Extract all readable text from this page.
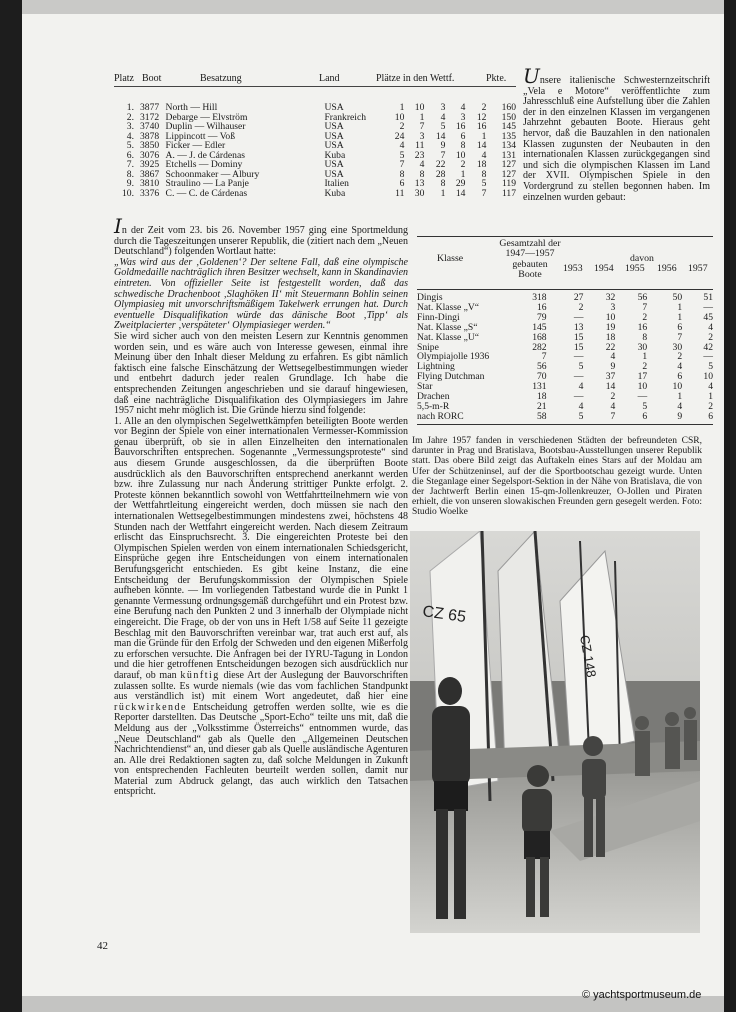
Platz Boot	Besatzung	Land	Plätze in den Wettf.	Pkte.
1.	3877	North — Hill	USA	1	10	3	4	2	160
2.	3172	Debarge — Elvström	Frankreich	10	1	4	3	12	150
3.	3740	Duplin — Wilhauser	USA	2	7	5	16	16	145
4.	3878	Lippincott — Voß	USA	24	3	14	6	1	135
5.	3850	Ficker — Edler	USA	4	11	9	8	14	134
6.	3076	A. — J. de Cárdenas	Kuba	5	23	7	10	4	131
7.	3925	Etchells — Dominy	USA	7	4	22	2	18	127
8.	3867	Schoonmaker — Albury	USA	8	8	28	1	8	127
9.	3810	Straulino — La Panje	Italien	6	13	8	29	5	119
10.	3376	C. — C. de Cárdenas	Kuba	11	30	1	14	7	117
Unsere italienische Schwesternzeitschrift „Vela e Motore“ veröffentlichte zum Jahresschluß eine Aufstellung über die Zahlen der in den einzelnen Klassen im vergangenen Jahrzehnt gebauten Boote. Hieraus geht hervor, daß die Bauzahlen in den nationalen Klassen zugunsten der Neubauten in den internationalen Klassen zurückgegangen sind und sich die olympischen Klassen im Land der XVII. Olympischen Spiele in den Vordergrund zu stellen begonnen haben. Im einzelnen wurden gebaut:
Klasse
Gesamtzahl der
1947—1957
gebauten
Boote
davon
1953 1954 1955 1956 1957
Dingis	318	27	32	56	50	51
Nat. Klasse „V“	16	2	3	7	1	—
Finn-Dingi	79	—	10	2	1	45
Nat. Klasse „S“	145	13	19	16	6	4
Nat. Klasse „U“	168	15	18	8	7	2
Snipe	282	15	22	30	30	42
Olympiajolle 1936	7	—	4	1	2	—
Lightning	56	5	9	2	4	5
Flying Dutchman	70	—	37	17	6	10
Star	131	4	14	10	10	4
Drachen	18	—	2	—	1	1
5,5-m-R	21	4	4	5	4	2
nach RORC	58	5	7	6	9	6
Im Jahre 1957 fanden in verschiedenen Städten der befreundeten CSR, darunter in Prag und Bratislava, Bootsbau-Ausstellungen unserer Republik statt. Das obere Bild zeigt das Auftakeln eines Stars auf der Moldau am Ufer der Schützeninsel, auf der die Sportbootschau gezeigt wurde. Unten die Steganlage einer Segelsport-Sektion in der Nähe von Bratislava, die von der Jachtwerft Berlin einen 15-qm-Jollenkreuzer, O-Jollen und Piraten erhielt, die von unseren slowakischen Freunden gern gesegelt werden. Foto: Studio Woelke
CZ 65
CZ 148

In der Zeit vom 23. bis 26. November 1957 ging eine Sportmeldung durch die Tageszeitungen unserer Republik, die (zitiert nach dem „Neuen Deutschland“) folgenden Wortlaut hatte:

„Was wird aus der ‚Goldenen‘? Der seltene Fall, daß eine olympische Goldmedaille nachträglich ihren Besitzer wechselt, kann in Skandinavien eintreten. Von offizieller Seite ist festgestellt worden, daß das schwedische Drachenboot ‚Slaghöken II‘ mit Steuermann Bohlin seinen Olympiasieg mit unvorschriftsmäßigem Takelwerk errungen hat. Durch eventuelle Disqualifikation würde das dänische Boot ‚Tipp‘ als Zweitplacierter ‚verspäteter‘ Olympiasieger werden.“

Sie wird sicher auch von den meisten Lesern zur Kenntnis genommen worden sein, und es wäre auch von Interesse gewesen, einmal ihre Meinung über den Inhalt dieser Meldung zu erfahren. Es gibt nämlich faktisch eine falsche Einschätzung der Wettsegelbestimmungen wieder und entbehrt dadurch jeder realen Grundlage. Ich habe die entsprechenden Zeitungen angeschrieben und sie darauf hingewiesen, daß eine nachträgliche Disqualifikation des Olympiasiegers im Jahre 1957 nicht mehr möglich ist. Die Gründe hierzu sind folgende:

1. Alle an den olympischen Segelwettkämpfen beteiligten Boote werden vor Beginn der Spiele von einer internationalen Vermesser-Kommission genau überprüft, ob sie in allen Einzelheiten den internationalen Bauvorschriften entsprechen. Sogenannte „Vermessungsproteste“ sind aus diesem Grunde ausgeschlossen, da die überprüften Boote ausdrücklich als den Bauvorschriften entsprechend anerkannt werden bzw. ihre Zulassung nur nach Änderung strittiger Punkte erfolgt. 2. Proteste können bekanntlich sowohl von Wettfahrtteilnehmern wie von der Wettfahrtleitung eingereicht werden, doch müssen sie nach den internationalen Wettsegelbestimmungen mindestens zwei, höchstens 48 Stunden nach der Wettfahrt eingereicht werden. Nach diesem Zeitraum erlischt das Einspruchsrecht. 3. Die eingereichten Proteste bei den Olympischen Spielen werden von einem internationalen Schiedsgericht, Einsprüche gegen ihre Entscheidungen von einem internationalen Berufungsgericht entschieden. Es gibt keine Instanz, die eine Entscheidung der Berufungskommission der Olympischen Spiele aufheben könnte. — Im vorliegenden Tatbestand wurde die in Punkt 1 genannte Vermessung ordnungsgemäß durchgeführt und ein Protest bzw. eine Berufung nach den Punkten 2 und 3 innerhalb der Olympiade nicht eingereicht. Die Frage, ob der von uns in Heft 1/58 auf Seite 11 gezeigte Beschlag mit den Bauvorschriften vereinbar war, trat auch erst auf, als man die Gründe für den Erfolg der Schweden und den eigenen Mißerfolg zu erforschen versuchte. Die Anfragen bei der IYRU-Tagung in London und die hier getroffenen Entscheidungen bezogen sich ausdrücklich nur darauf, ob man künftig diese Art der Auslegung der Bauvorschriften zulassen sollte. Es wurde niemals (wie das vom fachlichen Standpunkt aus verständlich ist) mit einem Wort angedeutet, daß hier eine rückwirkende Entscheidung getroffen werden sollte, wie es die Reporter darstellten. Das Deutsche „Sport-Echo“ teilte uns mit, daß die Meldung aus der „Volksstimme Österreichs“ entnommen wurde, das „Neue Deutschland“ gab als Quelle den „Allgemeinen Deutschen Nachrichtendienst“ an, und dieser gab als Quelle ausländische Agenturen an. Alle drei Redaktionen sagten zu, daß solche Meldungen in Zukunft von entsprechenden Fachleuten beurteilt werden sollen, damit nur Material zum Abdruck gelangt, das auch wirklich den Tatsachen entspricht.

42
© yachtsportmuseum.de
